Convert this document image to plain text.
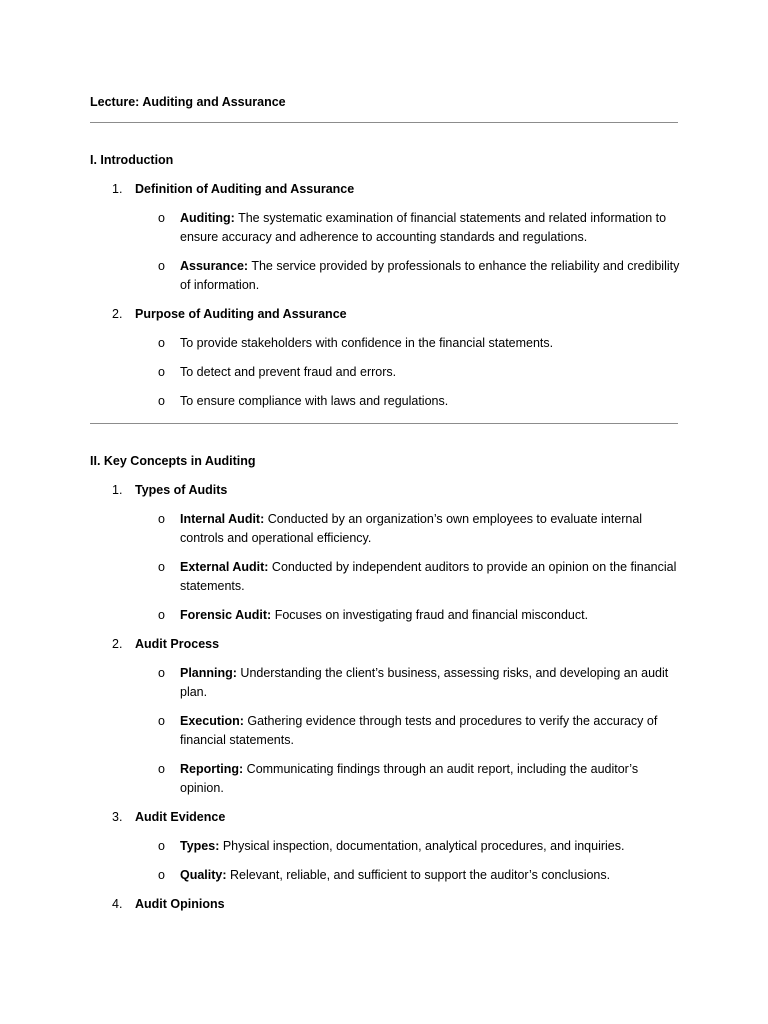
Lecture: Auditing and Assurance
I. Introduction
1.	Definition of Auditing and Assurance
o Auditing: The systematic examination of financial statements and related information to ensure accuracy and adherence to accounting standards and regulations.
o Assurance: The service provided by professionals to enhance the reliability and credibility of information.
2.	Purpose of Auditing and Assurance
o To provide stakeholders with confidence in the financial statements.
o To detect and prevent fraud and errors.
o To ensure compliance with laws and regulations.
II. Key Concepts in Auditing
1.	Types of Audits
o Internal Audit: Conducted by an organization’s own employees to evaluate internal controls and operational efficiency.
o External Audit: Conducted by independent auditors to provide an opinion on the financial statements.
o Forensic Audit: Focuses on investigating fraud and financial misconduct.
2.	Audit Process
o Planning: Understanding the client’s business, assessing risks, and developing an audit plan.
o Execution: Gathering evidence through tests and procedures to verify the accuracy of financial statements.
o Reporting: Communicating findings through an audit report, including the auditor’s opinion.
3.	Audit Evidence
o Types: Physical inspection, documentation, analytical procedures, and inquiries.
o Quality: Relevant, reliable, and sufficient to support the auditor’s conclusions.
4.	Audit Opinions
